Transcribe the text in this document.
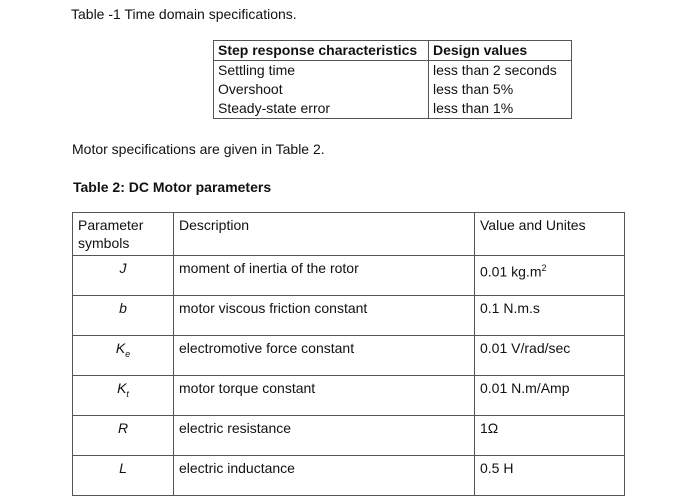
Table -1 Time domain specifications.
Step response characteristics	Design values
Settling time	less than 2 seconds
Overshoot	less than 5%
Steady-state error	less than 1%
Motor specifications are given in Table 2.
Table 2: DC Motor parameters
Parameter symbols	Description	Value and Unites
J	moment of inertia of the rotor	0.01 $kg.m^2$
b	motor viscous friction constant	0.1 N.m.s
$K_e$	electromotive force constant	0.01 V/rad/sec
$K_t$	motor torque constant	0.01 N.m/Amp
R	electric resistance	1Ω
L	electric inductance	0.5 H
